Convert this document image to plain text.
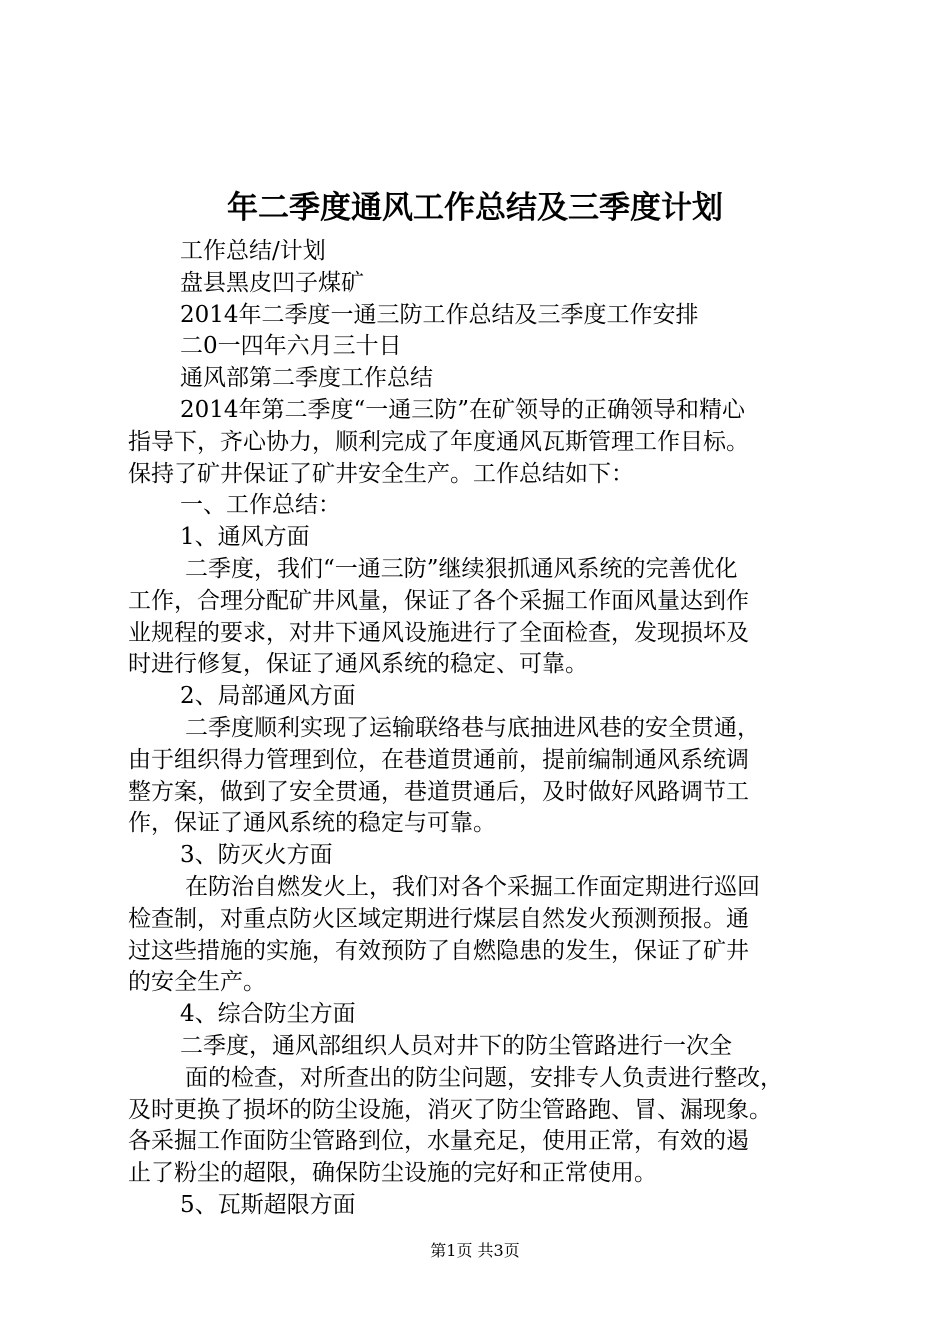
年二季度通风工作总结及三季度计划
工作总结/计划
盘县黑皮凹子煤矿
2014年二季度一通三防工作总结及三季度工作安排
二0一四年六月三十日
通风部第二季度工作总结
2014年第二季度“一通三防”在矿领导的正确领导和精心
指导下，齐心协力，顺利完成了年度通风瓦斯管理工作目标。
保持了矿井保证了矿井安全生产。工作总结如下：
一、工作总结：
1、通风方面
二季度，我们“一通三防”继续狠抓通风系统的完善优化
工作，合理分配矿井风量，保证了各个采掘工作面风量达到作
业规程的要求，对井下通风设施进行了全面检查，发现损坏及
时进行修复，保证了通风系统的稳定、可靠。
2、局部通风方面
二季度顺利实现了运输联络巷与底抽进风巷的安全贯通，
由于组织得力管理到位，在巷道贯通前，提前编制通风系统调
整方案，做到了安全贯通，巷道贯通后，及时做好风路调节工
作，保证了通风系统的稳定与可靠。
3、防灭火方面
在防治自燃发火上，我们对各个采掘工作面定期进行巡回
检查制，对重点防火区域定期进行煤层自然发火预测预报。通
过这些措施的实施，有效预防了自燃隐患的发生，保证了矿井
的安全生产。
4、综合防尘方面
二季度，通风部组织人员对井下的防尘管路进行一次全
面的检查，对所查出的防尘问题，安排专人负责进行整改，
及时更换了损坏的防尘设施，消灭了防尘管路跑、冒、漏现象。
各采掘工作面防尘管路到位，水量充足，使用正常，有效的遏
止了粉尘的超限，确保防尘设施的完好和正常使用。
5、瓦斯超限方面
第1页 共3页
